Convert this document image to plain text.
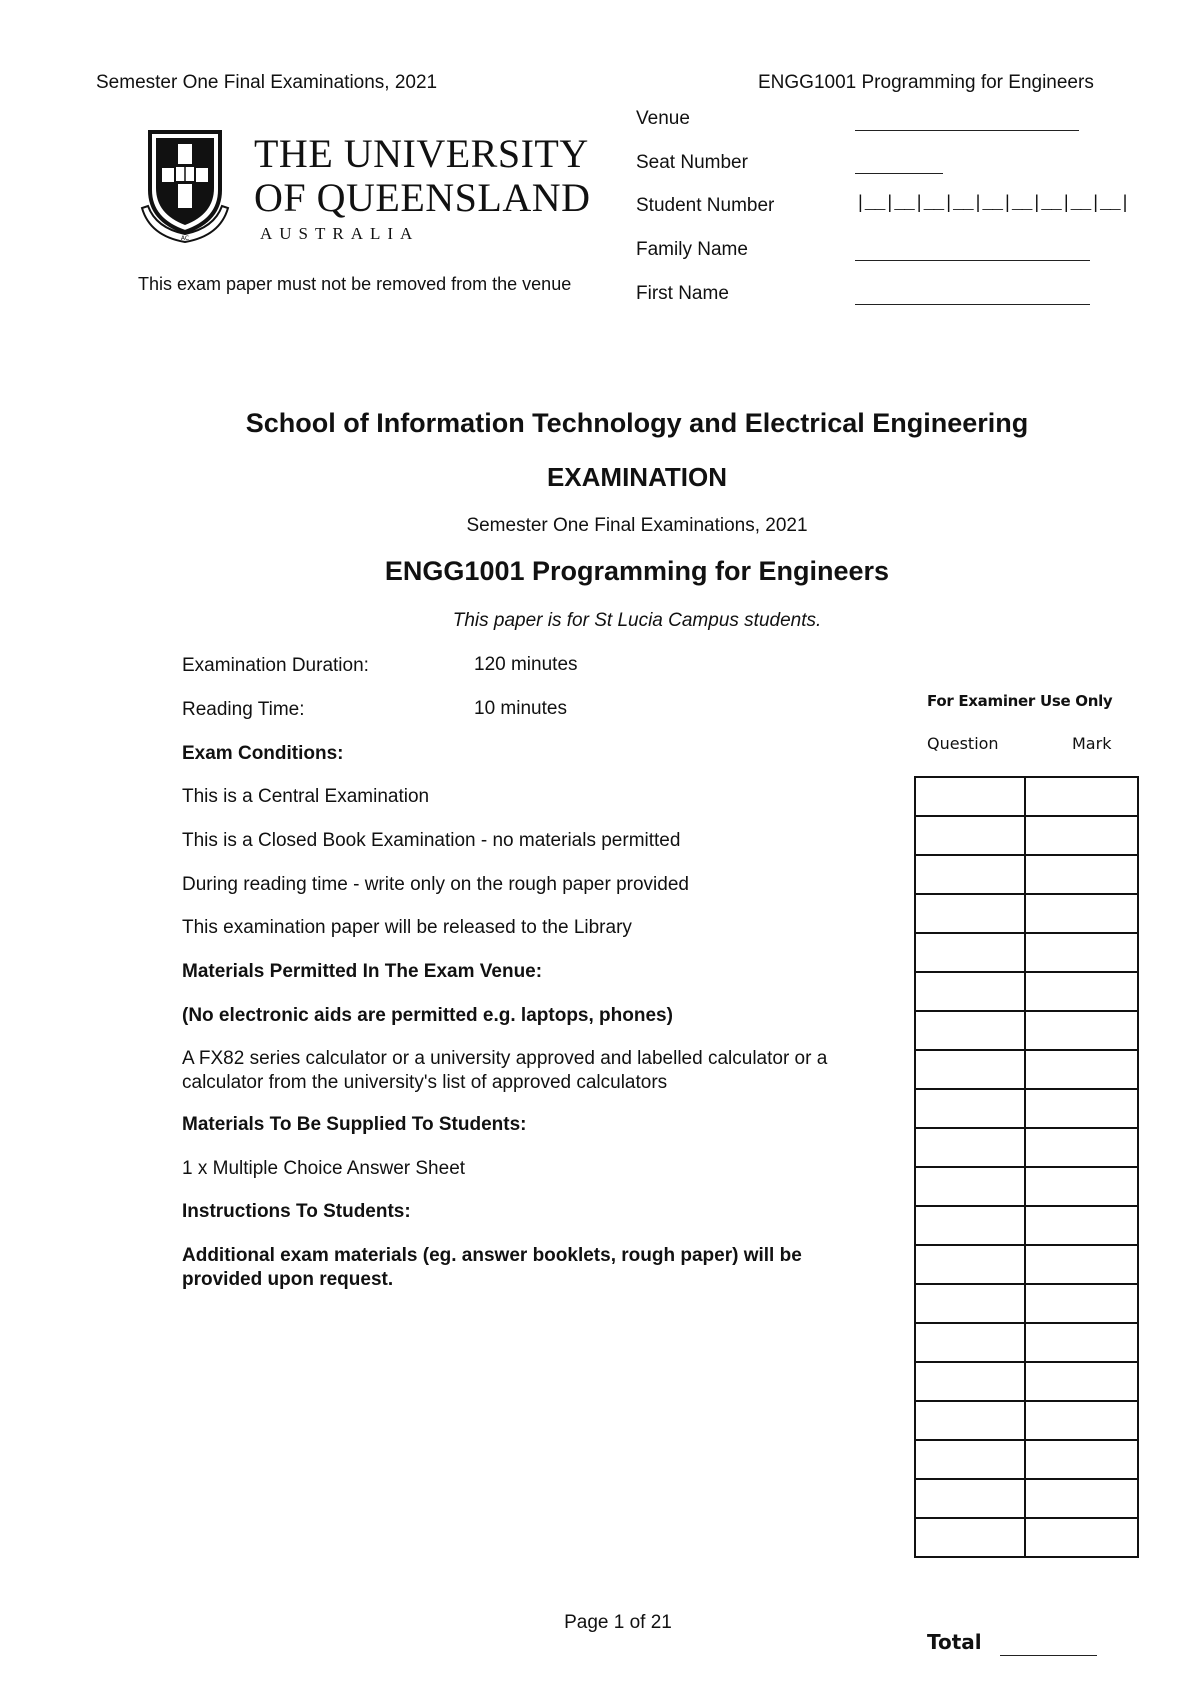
Semester One Final Examinations, 2021	ENGG1001 Programming for Engineers
AC
THE UNIVERSITY
OF QUEENSLAND
AUSTRALIA
This exam paper must not be removed from the venue
Venue
Seat Number
Student Number	|__|__|__|__|__|__|__|__|__|
Family Name
First Name
School of Information Technology and Electrical Engineering
EXAMINATION
Semester One Final Examinations, 2021
ENGG1001 Programming for Engineers
This paper is for St Lucia Campus students.
Examination Duration:	120 minutes
Reading Time:	10 minutes
Exam Conditions:
This is a Central Examination
This is a Closed Book Examination - no materials permitted
During reading time - write only on the rough paper provided
This examination paper will be released to the Library
Materials Permitted In The Exam Venue:
(No electronic aids are permitted e.g. laptops, phones)
A FX82 series calculator or a university approved and labelled calculator or a calculator from the university's list of approved calculators
Materials To Be Supplied To Students:
1 x Multiple Choice Answer Sheet
Instructions To Students:
Additional exam materials (eg. answer booklets, rough paper) will be provided upon request.
For Examiner Use Only
Question	Mark

Total
Page 1 of 21
